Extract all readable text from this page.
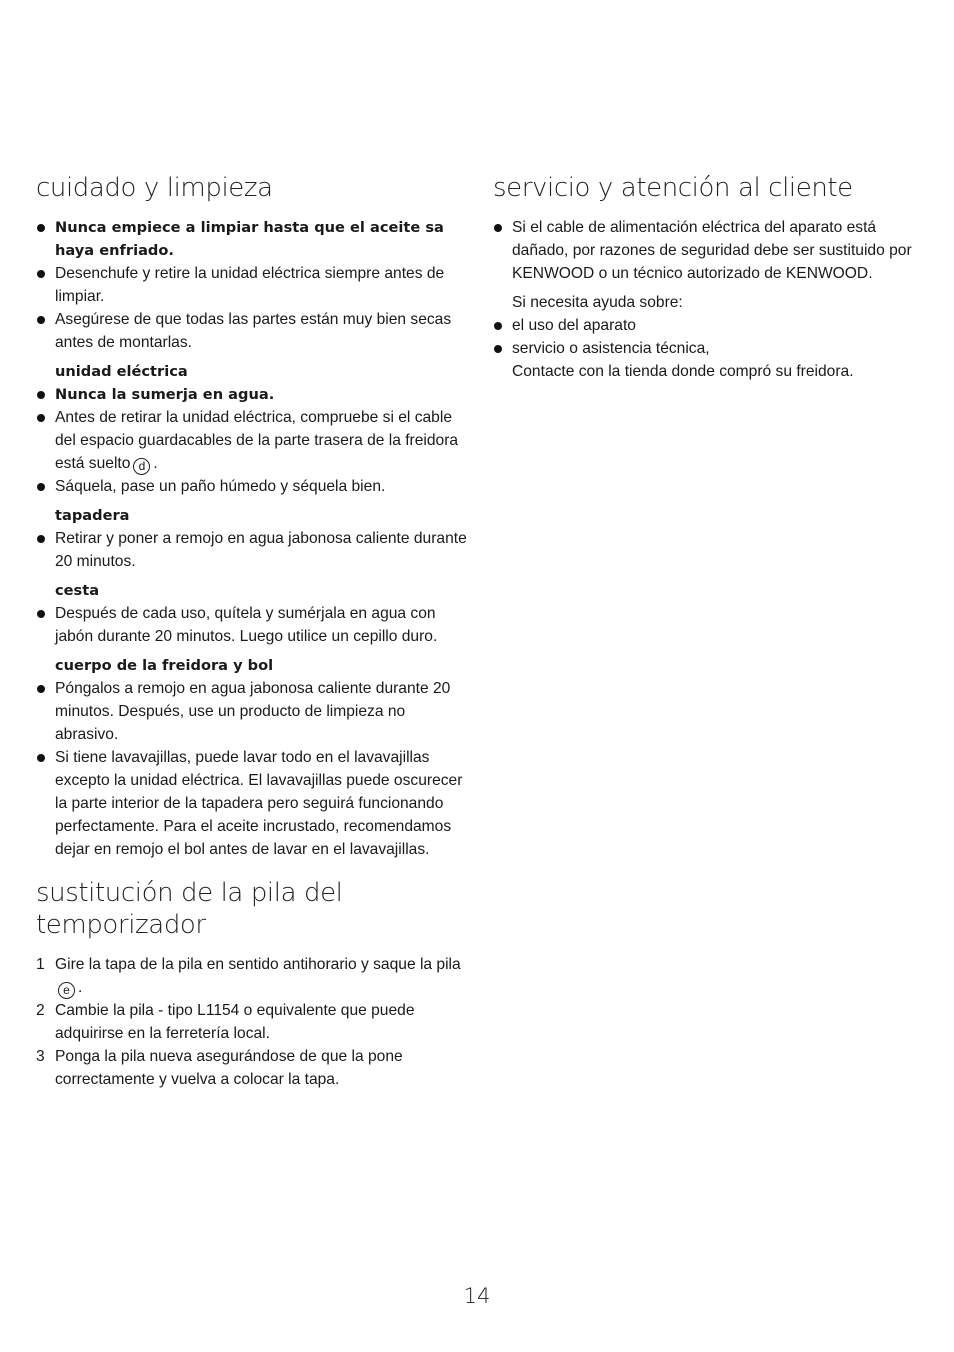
cuidado y limpieza
Nunca empiece a limpiar hasta que el aceite sa haya enfriado.
Desenchufe y retire la unidad eléctrica siempre antes de limpiar.
Asegúrese de que todas las partes están muy bien secas antes de montarlas.
unidad eléctrica
Nunca la sumerja en agua.
Antes de retirar la unidad eléctrica, compruebe si el cable del espacio guardacables de la parte trasera de la freidora está suelto d .
Sáquela, pase un paño húmedo y séquela bien.
tapadera
Retirar y poner a remojo en agua jabonosa caliente durante 20 minutos.
cesta
Después de cada uso, quítela y sumérjala en agua con jabón durante 20 minutos. Luego utilice un cepillo duro.
cuerpo de la freidora y bol
Póngalos a remojo en agua jabonosa caliente durante 20 minutos. Después, use un producto de limpieza no abrasivo.
Si tiene lavavajillas, puede lavar todo en el lavavajillas excepto la unidad eléctrica. El lavavajillas puede oscurecer la parte interior de la tapadera pero seguirá funcionando perfectamente. Para el aceite incrustado, recomendamos dejar en remojo el bol antes de lavar en el lavavajillas.
sustitución de la pila del temporizador
1 Gire la tapa de la pila en sentido antihorario y saque la pilae .
2 Cambie la pila - tipo L1154 o equivalente que puede adquirirse en la ferretería local.
3 Ponga la pila nueva asegurándose de que la pone correctamente y vuelva a colocar la tapa.
servicio y atención al cliente
Si el cable de alimentación eléctrica del aparato está dañado, por razones de seguridad debe ser sustituido por KENWOOD o un técnico autorizado de KENWOOD.
Si necesita ayuda sobre:
el uso del aparato
servicio o asistencia técnica,
Contacte con la tienda donde compró su freidora.
14
